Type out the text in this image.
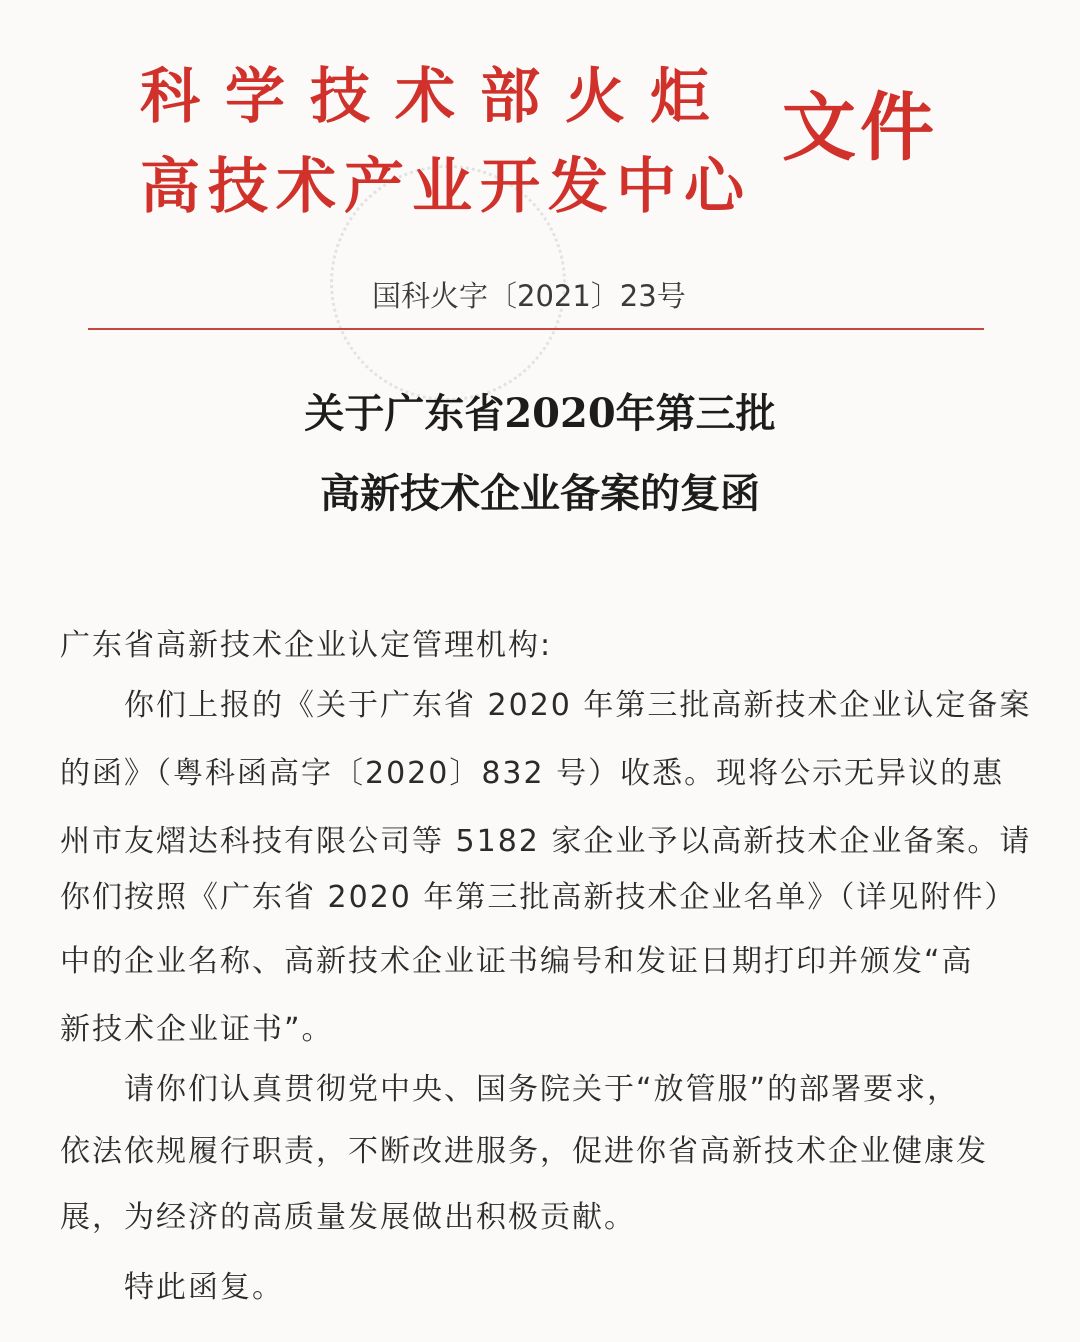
科学技术部火炬
高技术产业开发中心
文件
国科火字〔2021〕23号
关于广东省2020年第三批
高新技术企业备案的复函
广东省高新技术企业认定管理机构:
你们上报的《关于广东省 2020 年第三批高新技术企业认定备案
的函》（粤科函高字〔2020〕832 号）收悉。现将公示无异议的惠
州市友熠达科技有限公司等 5182 家企业予以高新技术企业备案。请
你们按照《广东省 2020 年第三批高新技术企业名单》（详见附件）
中的企业名称、高新技术企业证书编号和发证日期打印并颁发“高
新技术企业证书”。
请你们认真贯彻党中央、国务院关于“放管服”的部署要求，
依法依规履行职责，不断改进服务，促进你省高新技术企业健康发
展，为经济的高质量发展做出积极贡献。
特此函复。
